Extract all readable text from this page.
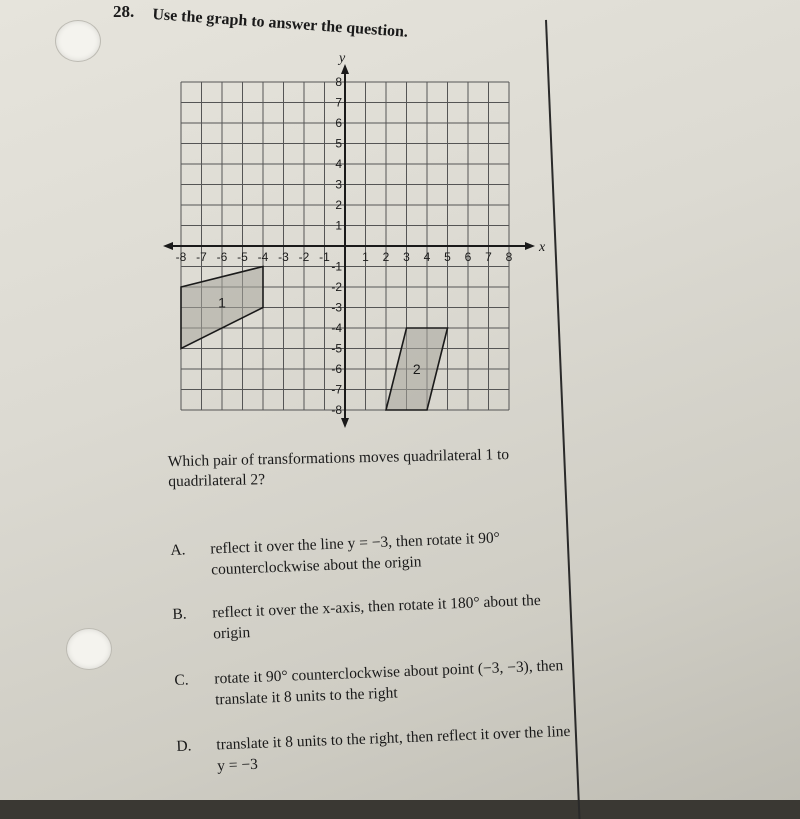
28. Use the graph to answer the question.
x
y
-8 -7 -6 -5 -4 -3 -2 -1	1 2 3 4 5 6 7 8
8
7
6
5
4
3
2
1
-1
-2
-3
-4
-5
-6
-7
-8
1
2
Which pair of transformations moves quadrilateral 1 to quadrilateral 2?
A. reflect it over the line y = −3, then rotate it 90° counterclockwise about the origin
B. reflect it over the x-axis, then rotate it 180° about the origin
C. rotate it 90° counterclockwise about point (−3, −3), then translate it 8 units to the right
D. translate it 8 units to the right, then reflect it over the line y = −3
